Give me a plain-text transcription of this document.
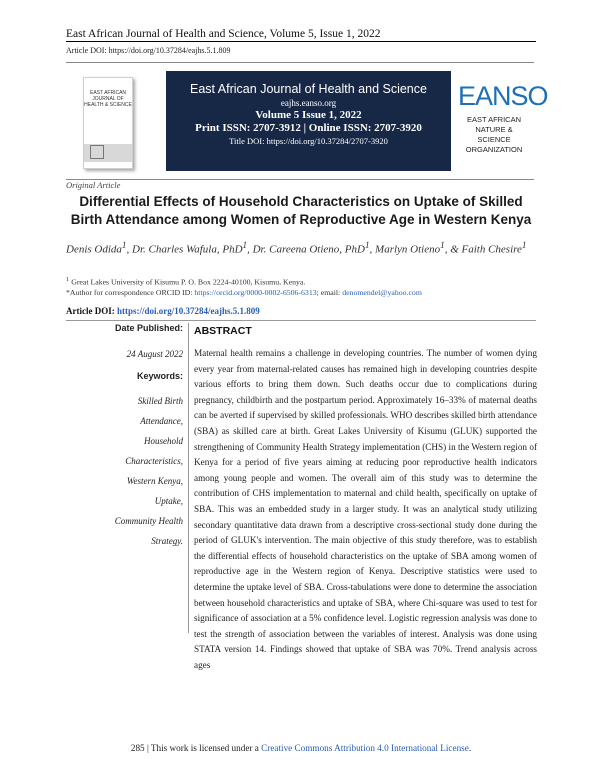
East African Journal of Health and Science, Volume 5, Issue 1, 2022
Article DOI: https://doi.org/10.37284/eajhs.5.1.809
EAST AFRICAN JOURNAL OF HEALTH & SCIENCE
East African Journal of Health and Science
eajhs.eanso.org
Volume 5 Issue 1, 2022
Print ISSN: 2707-3912 | Online ISSN: 2707-3920
Title DOI: https://doi.org/10.37284/2707-3920
EANSO
EAST AFRICAN
NATURE &
SCIENCE
ORGANIZATION
Original Article
Differential Effects of Household Characteristics on Uptake of Skilled Birth Attendance among Women of Reproductive Age in Western Kenya
Denis Odida$^1$, Dr. Charles Wafula, PhD$^1$, Dr. Careena Otieno, PhD$^1$, Marlyn Otieno$^1$, & Faith Chesire$^1$
$^1$ Great Lakes University of Kisumu P. O. Box 2224-40100, Kisumu, Kenya.
*Author for correspondence ORCID ID: https://orcid.org/0000-0002-6506-6313; email: denomendel@yahoo.com
Article DOI: https://doi.org/10.37284/eajhs.5.1.809
Date Published:
24 August 2022
Keywords:
Skilled Birth
Attendance,
Household
Characteristics,
Western Kenya,
Uptake,
Community Health
Strategy.
ABSTRACT
Maternal health remains a challenge in developing countries. The number of women dying every year from maternal-related causes has remained high in developing countries despite various efforts to bring them down. Such deaths occur due to complications during pregnancy, childbirth and the postpartum period. Approximately 16–33% of maternal deaths can be averted if supervised by skilled professionals. WHO describes skilled birth attendance (SBA) as skilled care at birth. Great Lakes University of Kisumu (GLUK) supported the strengthening of Community Health Strategy implementation (CHS) in the Western region of Kenya for a period of five years aiming at reducing poor reproductive health indicators among young people and women. The overall aim of this study was to determine the contribution of CHS implementation to maternal and child health, specifically on uptake of SBA. This was an embedded study in a larger study. It was an analytical study utilizing secondary quantitative data drawn from a descriptive cross-sectional study done during the period of GLUK's intervention. The main objective of this study therefore, was to establish the differential effects of household characteristics on the uptake of SBA among women of reproductive age in the Western region of Kenya. Descriptive statistics were used to determine the uptake level of SBA. Cross-tabulations were done to determine the association between household characteristics and uptake of SBA, where Chi-square was used to test for significance of association at a 5% confidence level. Logistic regression analysis was done to test the strength of association between the variables of interest. Analysis was done using STATA version 14. Findings showed that uptake of SBA was 70%. Trend analysis across ages
285 | This work is licensed under a Creative Commons Attribution 4.0 International License.
